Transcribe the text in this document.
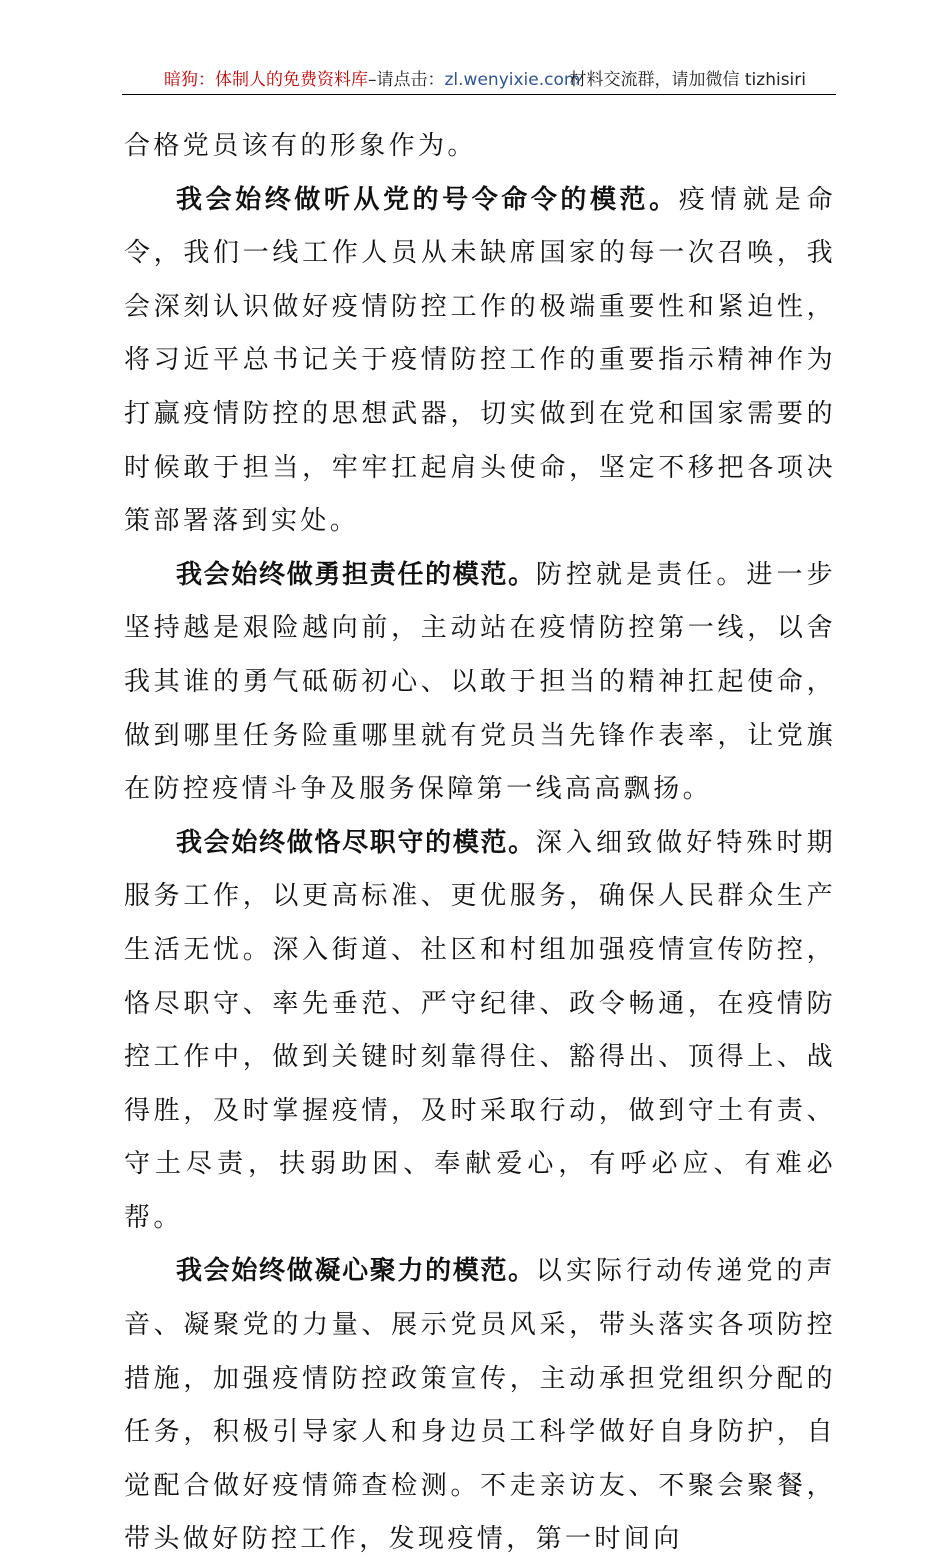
暗狗：体制人的免费资料库–请点击：zl.wenyixie.com
材料交流群，请加微信 tizhisiri

合格党员该有的形象作为。

我会始终做听从党的号令命令的模范。疫情就是命令，我们一线工作人员从未缺席国家的每一次召唤，我会深刻认识做好疫情防控工作的极端重要性和紧迫性，将习近平总书记关于疫情防控工作的重要指示精神作为打赢疫情防控的思想武器，切实做到在党和国家需要的时候敢于担当，牢牢扛起肩头使命，坚定不移把各项决策部署落到实处。

我会始终做勇担责任的模范。防控就是责任。进一步坚持越是艰险越向前，主动站在疫情防控第一线，以舍我其谁的勇气砥砺初心、以敢于担当的精神扛起使命，做到哪里任务险重哪里就有党员当先锋作表率，让党旗在防控疫情斗争及服务保障第一线高高飘扬。

我会始终做恪尽职守的模范。深入细致做好特殊时期服务工作，以更高标准、更优服务，确保人民群众生产生活无忧。深入街道、社区和村组加强疫情宣传防控，恪尽职守、率先垂范、严守纪律、政令畅通，在疫情防控工作中，做到关键时刻靠得住、豁得出、顶得上、战得胜，及时掌握疫情，及时采取行动，做到守土有责、守土尽责，扶弱助困、奉献爱心，有呼必应、有难必帮。

我会始终做凝心聚力的模范。以实际行动传递党的声音、凝聚党的力量、展示党员风采，带头落实各项防控措施，加强疫情防控政策宣传，主动承担党组织分配的任务，积极引导家人和身边员工科学做好自身防护，自觉配合做好疫情筛查检测。不走亲访友、不聚会聚餐，带头做好防控工作，发现疫情，第一时间向
